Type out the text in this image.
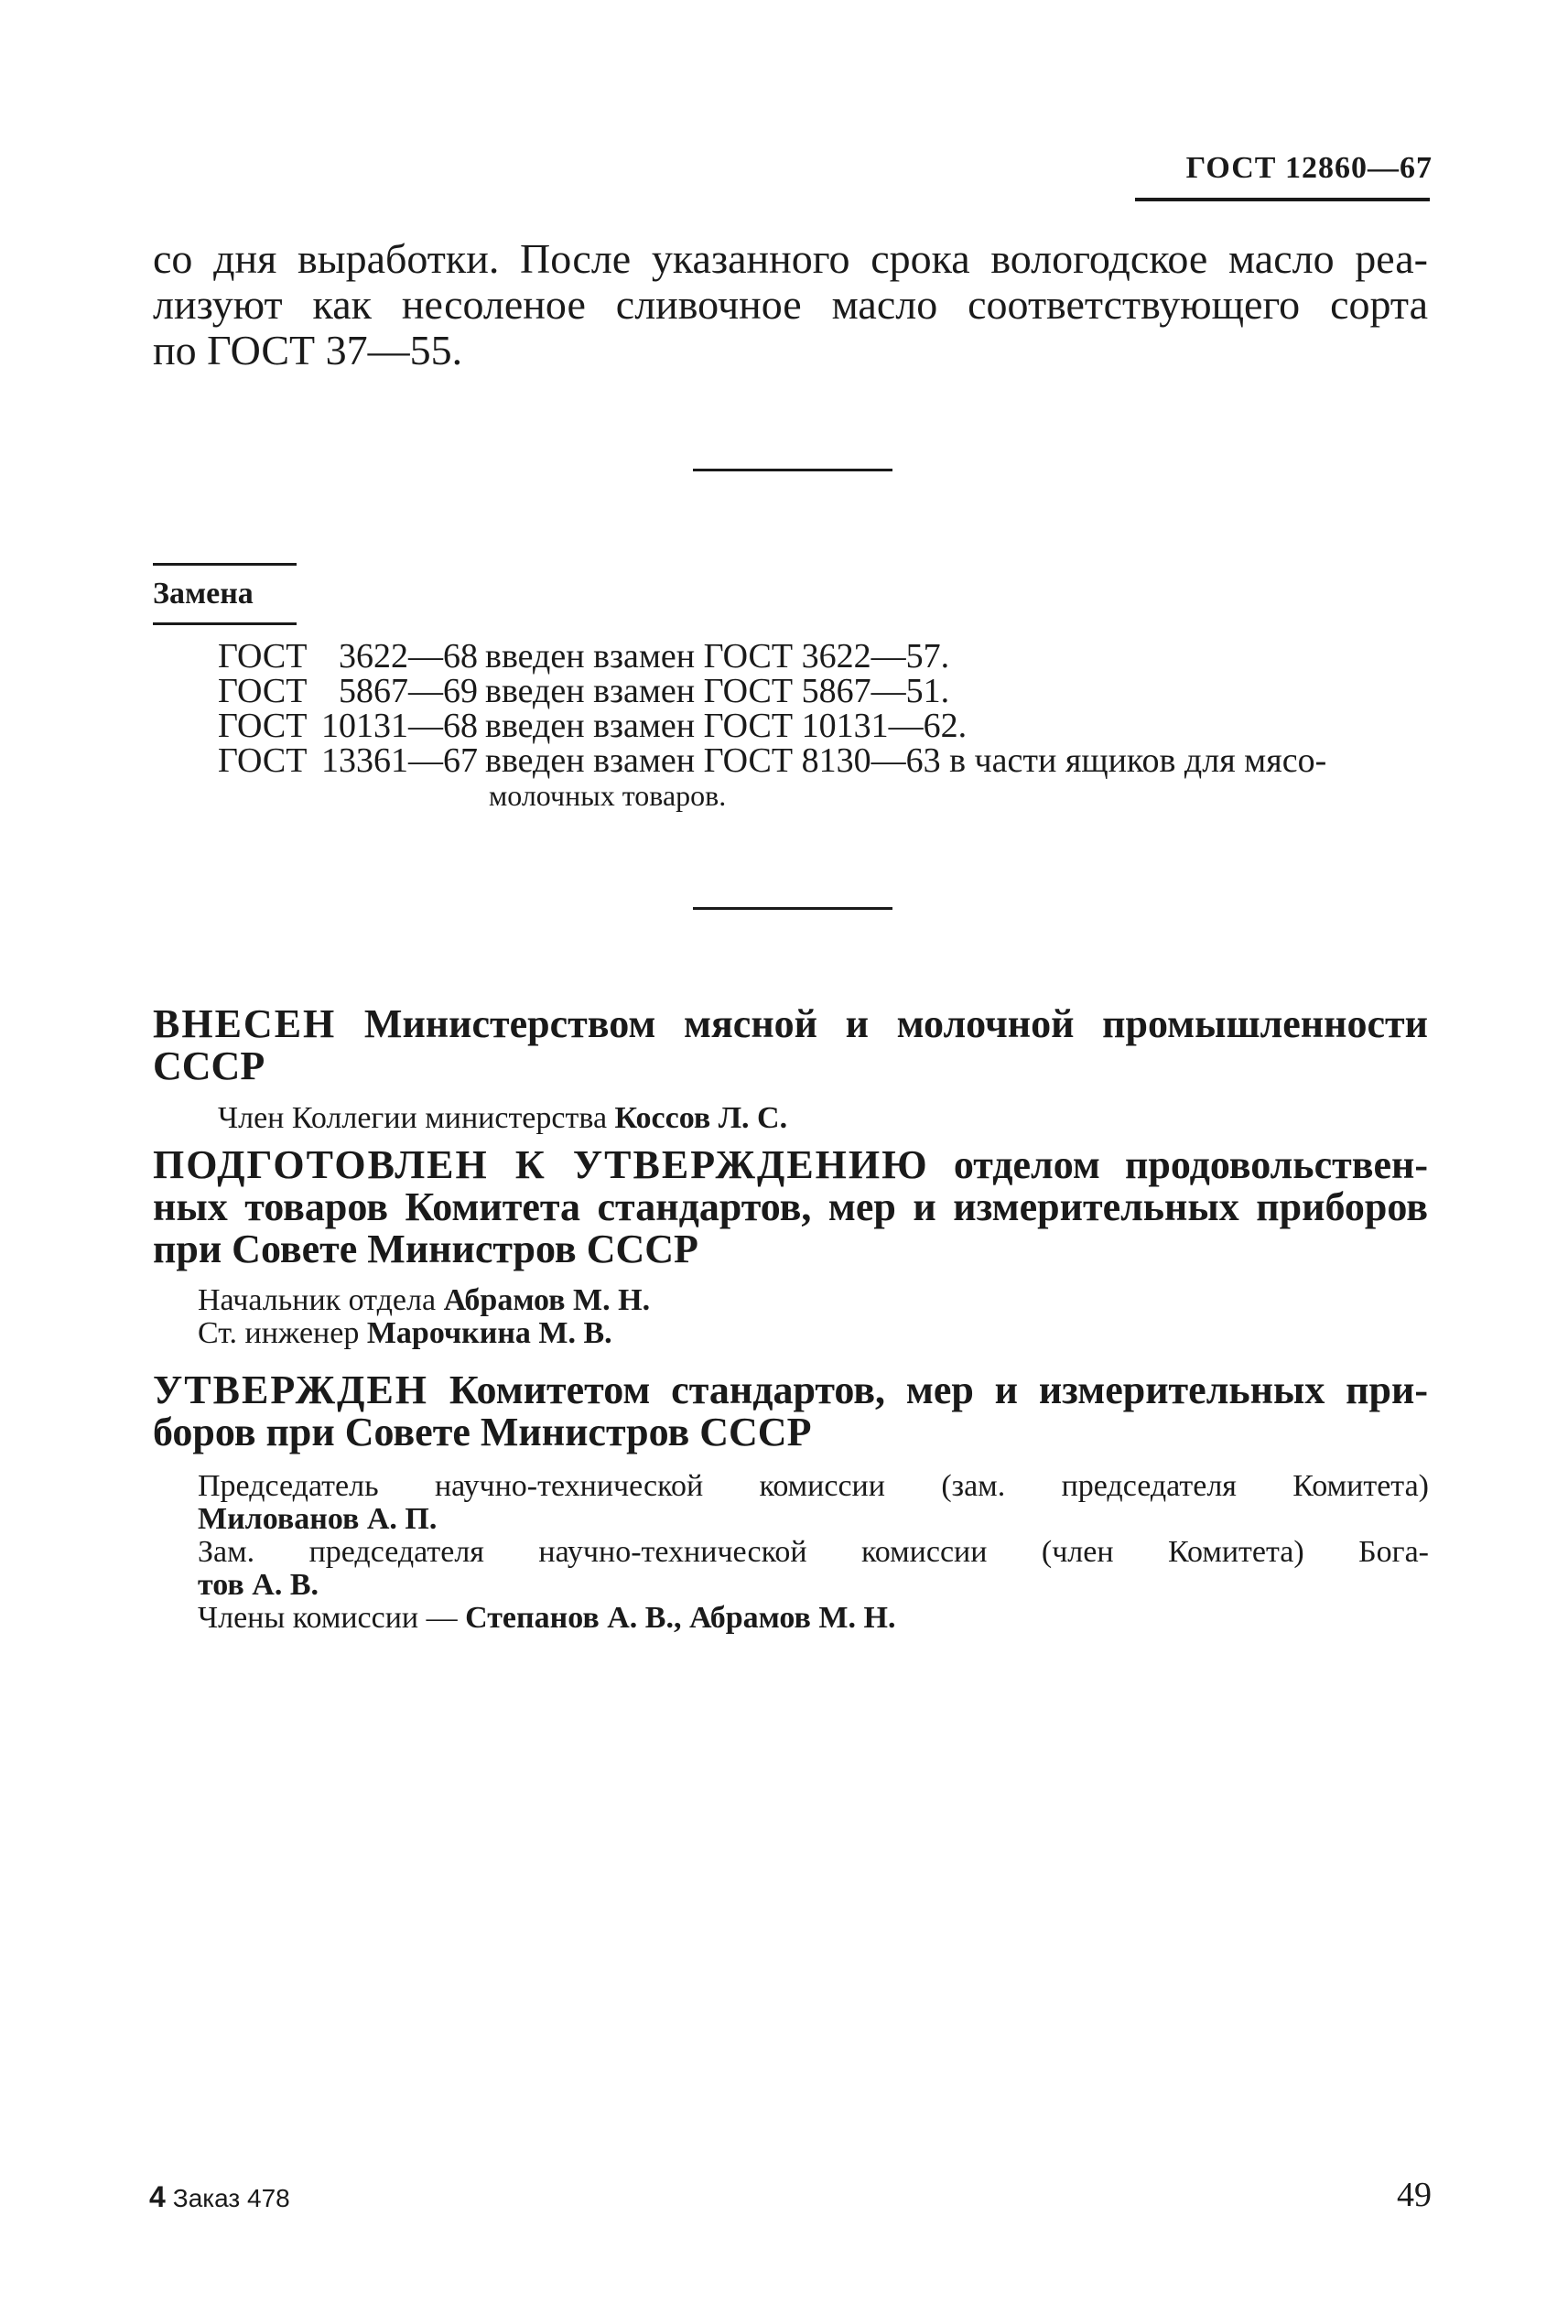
ГОСТ 12860—67
со дня выработки. После указанного срока вологодское масло реа-
лизуют как несоленое сливочное масло соответствующего сорта
по ГОСТ 37—55.
Замена
ГОСТ 3622—68 введен взамен ГОСТ 3622—57.
ГОСТ 5867—69 введен взамен ГОСТ 5867—51.
ГОСТ 10131—68 введен взамен ГОСТ 10131—62.
ГОСТ 13361—67 введен взамен ГОСТ 8130—63 в части ящиков для мясо-
молочных товаров.
ВНЕСЕН Министерством мясной и молочной промышленности
СССР
Член Коллегии министерства Коссов Л. С.
ПОДГОТОВЛЕН К УТВЕРЖДЕНИЮ отделом продовольствен-
ных товаров Комитета стандартов, мер и измерительных приборов
при Совете Министров СССР
Начальник отдела Абрамов М. Н.
Ст. инженер Марочкина М. В.
УТВЕРЖДЕН Комитетом стандартов, мер и измерительных при-
боров при Совете Министров СССР
Председатель научно-технической комиссии (зам. председателя Комитета)
Милованов А. П.
Зам. председателя научно-технической комиссии (член Комитета) Бога-
тов А. В.
Члены комиссии — Степанов А. В., Абрамов М. Н.
4 Заказ 478	49
